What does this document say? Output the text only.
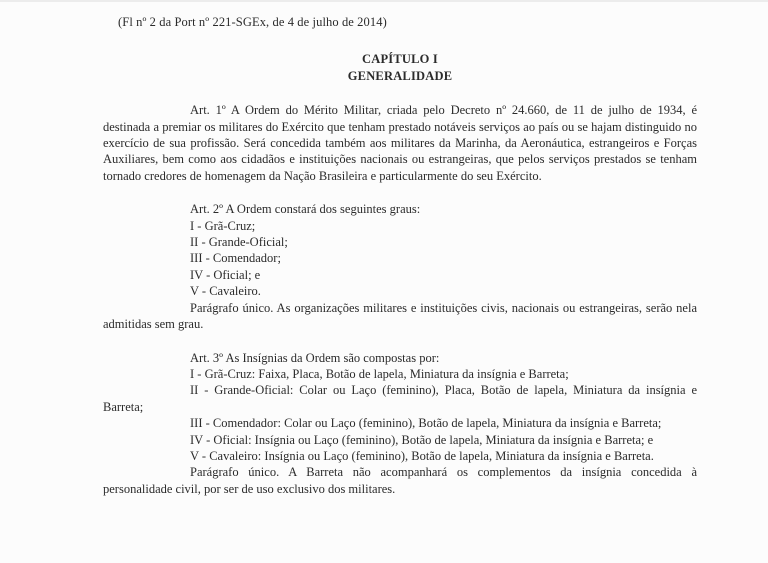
(Fl nº 2 da Port nº 221-SGEx, de 4 de julho de 2014)
CAPÍTULO I
GENERALIDADE

Art. 1º A Ordem do Mérito Militar, criada pelo Decreto nº 24.660, de 11 de julho de 1934, é destinada a premiar os militares do Exército que tenham prestado notáveis serviços ao país ou se hajam distinguido no exercício de sua profissão. Será concedida também aos militares da Marinha, da Aeronáutica, estrangeiros e Forças Auxiliares, bem como aos cidadãos e instituições nacionais ou estrangeiras, que pelos serviços prestados se tenham tornado credores de homenagem da Nação Brasileira e particularmente do seu Exército.

Art. 2º A Ordem constará dos seguintes graus:

I - Grã-Cruz;

II - Grande-Oficial;

III - Comendador;

IV - Oficial; e

V - Cavaleiro.

Parágrafo único. As organizações militares e instituições civis, nacionais ou estrangeiras, serão nela admitidas sem grau.

Art. 3º As Insígnias da Ordem são compostas por:

I - Grã-Cruz: Faixa, Placa, Botão de lapela, Miniatura da insígnia e Barreta;

II - Grande-Oficial: Colar ou Laço (feminino), Placa, Botão de lapela, Miniatura da insígnia e Barreta;

III - Comendador: Colar ou Laço (feminino), Botão de lapela, Miniatura da insígnia e Barreta;

IV - Oficial: Insígnia ou Laço (feminino), Botão de lapela, Miniatura da insígnia e Barreta; e

V - Cavaleiro: Insígnia ou Laço (feminino), Botão de lapela, Miniatura da insígnia e Barreta.

Parágrafo único. A Barreta não acompanhará os complementos da insígnia concedida à personalidade civil, por ser de uso exclusivo dos militares.
